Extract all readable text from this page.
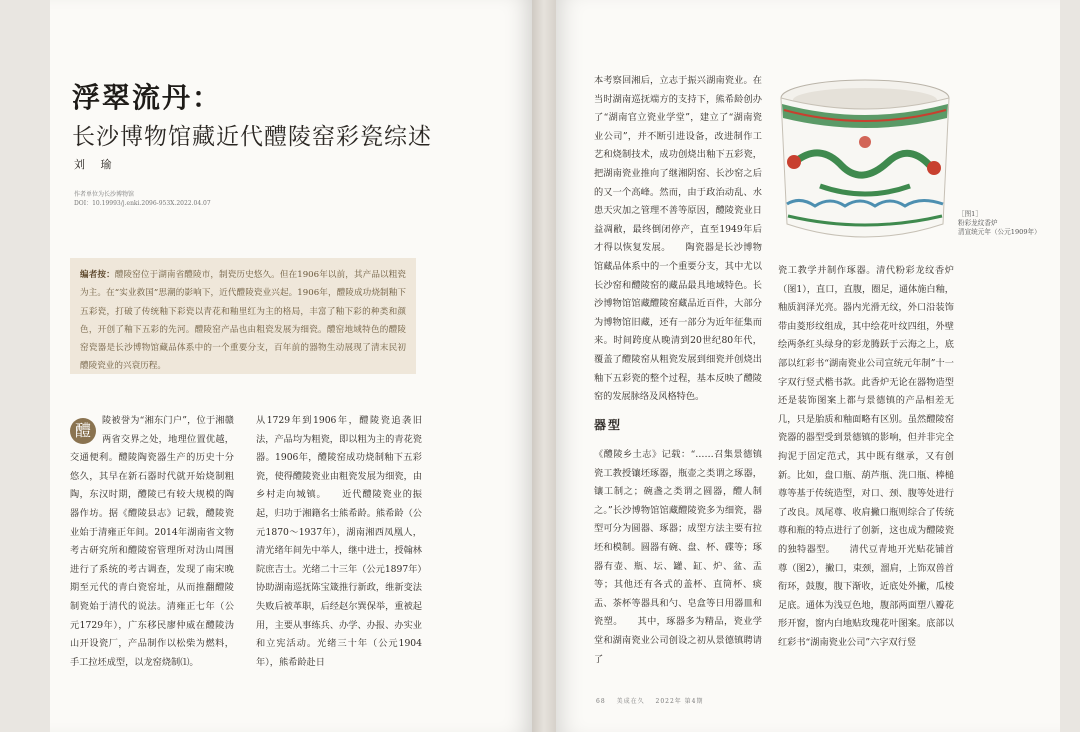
浮翠流丹：
长沙博物馆藏近代醴陵窑彩瓷综述
刘 瑜
作者单位为长沙博物馆
DOI：10.19993/j.enki.2096-953X.2022.04.07
编者按：醴陵窑位于湖南省醴陵市，制瓷历史悠久。但在1906年以前，其产品以粗瓷为主。在“实业救国”思潮的影响下，近代醴陵瓷业兴起。1906年，醴陵成功烧制釉下五彩瓷，打破了传统釉下彩瓷以青花和釉里红为主的格局，丰富了釉下彩的种类和颜色，开创了釉下五彩的先河。醴陵窑产品也由粗瓷发展为细瓷。醴窑地域特色的醴陵窑瓷器是长沙博物馆藏品体系中的一个重要分支，百年前的器物生动展现了清末民初醴陵瓷业的兴衰历程。
醴

陵被誉为“湘东门户”，位于湘赣两省交界之处，地理位置优越，交通便利。醴陵陶瓷器生产的历史十分悠久，其早在新石器时代就开始烧制粗陶，东汉时期，醴陵已有较大规模的陶器作坊。据《醴陵县志》记载，醴陵瓷业始于清雍正年间。2014年湖南省文物考古研究所和醴陵窑管理所对沩山周围进行了系统的考古调查，发现了南宋晚期至元代的青白瓷窑址，从而推翻醴陵制瓷始于清代的说法。清雍正七年（公元1729年），广东移民廖仲威在醴陵沩山开设瓷厂，产品制作以松柴为燃料，手工拉坯成型，以龙窑烧制⑴。

从1729年到1906年，醴陵瓷追袭旧法，产品均为粗瓷，即以粗为主的青花瓷器。1906年，醴陵窑成功烧制釉下五彩瓷，使得醴陵瓷业由粗瓷发展为细瓷，由乡村走向城镇。　　近代醴陵瓷业的振起，归功于湘籍名士熊希龄。熊希龄（公元1870～1937年），湖南湘西凤凰人，清光绪年间先中举人，继中进士，授翰林院庶吉士。光绪二十三年（公元1897年）协助湖南巡抚陈宝箴推行新政，维新变法失败后被革职，后经赵尔巽保举，重被起用，主要从事练兵、办学、办报、办实业和立宪活动。光绪三十年（公元1904年），熊希龄赴日

本考察回湘后，立志于振兴湖南瓷业。在当时湖南巡抚端方的支持下，熊希龄创办了“湖南官立瓷业学堂”，建立了“湖南瓷业公司”，并不断引进设备，改进制作工艺和烧制技术，成功创烧出釉下五彩瓷，把湖南瓷业推向了继湘阴窑、长沙窑之后的又一个高峰。然而，由于政治动乱、水患天灾加之管理不善等原因，醴陵瓷业日益凋敝，最终倒闭停产，直至1949年后才得以恢复发展。　　陶瓷器是长沙博物馆藏品体系中的一个重要分支，其中尤以长沙窑和醴陵窑的藏品最具地域特色。长沙博物馆馆藏醴陵窑藏品近百件，大部分为博物馆旧藏，还有一部分为近年征集而来。时间跨度从晚清到20世纪80年代，覆盖了醴陵窑从粗瓷发展到细瓷并创烧出釉下五彩瓷的整个过程，基本反映了醴陵窑的发展脉络及风格特色。

器型

《醴陵乡土志》记载：“……召集景德镇瓷工教授镶坯琢器，瓶壶之类谓之琢器，镶工制之；碗盏之类谓之圆器，醴人制之。”长沙博物馆馆藏醴陵瓷多为细瓷，器型可分为圆器、琢器；成型方法主要有拉坯和模制。圆器有碗、盘、杯、碟等；琢器有壶、瓶、坛、罐、缸、炉、盆、盂等；其他还有各式的盖杯、直筒杯、痰盂、茶杯等器具和勺、皂盒等日用器皿和瓷塑。　　其中，琢器多为精品，瓷业学堂和湖南瓷业公司创设之初从景德镇聘请了

［图1］
粉彩龙纹香炉
清宣统元年（公元1909年）

瓷工教学并制作琢器。清代粉彩龙纹香炉（图1），直口，直腹，圈足，通体施白釉，釉质润泽光亮。器内光滑无纹，外口沿装饰带由菱形纹组成，其中绘花叶纹四组，外壁绘两条红头绿身的彩龙腾跃于云海之上，底部以红彩书“湖南瓷业公司宣统元年制”十一字双行竖式楷书款。此香炉无论在器物造型还是装饰图案上都与景德镇的产品相差无几，只是胎质和釉面略有区别。虽然醴陵窑瓷器的器型受到景德镇的影响，但并非完全拘泥于固定范式，其中既有继承，又有创新。比如，盘口瓶、葫芦瓶、洗口瓶、棒槌尊等基于传统造型，对口、颈、腹等处进行了改良。凤尾尊、收肩撇口瓶则综合了传统尊和瓶的特点进行了创新，这也成为醴陵瓷的独特器型。　　清代豆青地开光贴花铺首尊（图2），撇口，束颈，溜肩，上饰双兽首衔环，鼓腹，腹下渐收，近底处外撇，瓜棱足底。通体为浅豆色地，腹部两面塑八瓣花形开窗，窗内白地贴玫瑰花叶图案。底部以红彩书“湖南瓷业公司”六字双行竖

68 美成在久 2022年 第4期
